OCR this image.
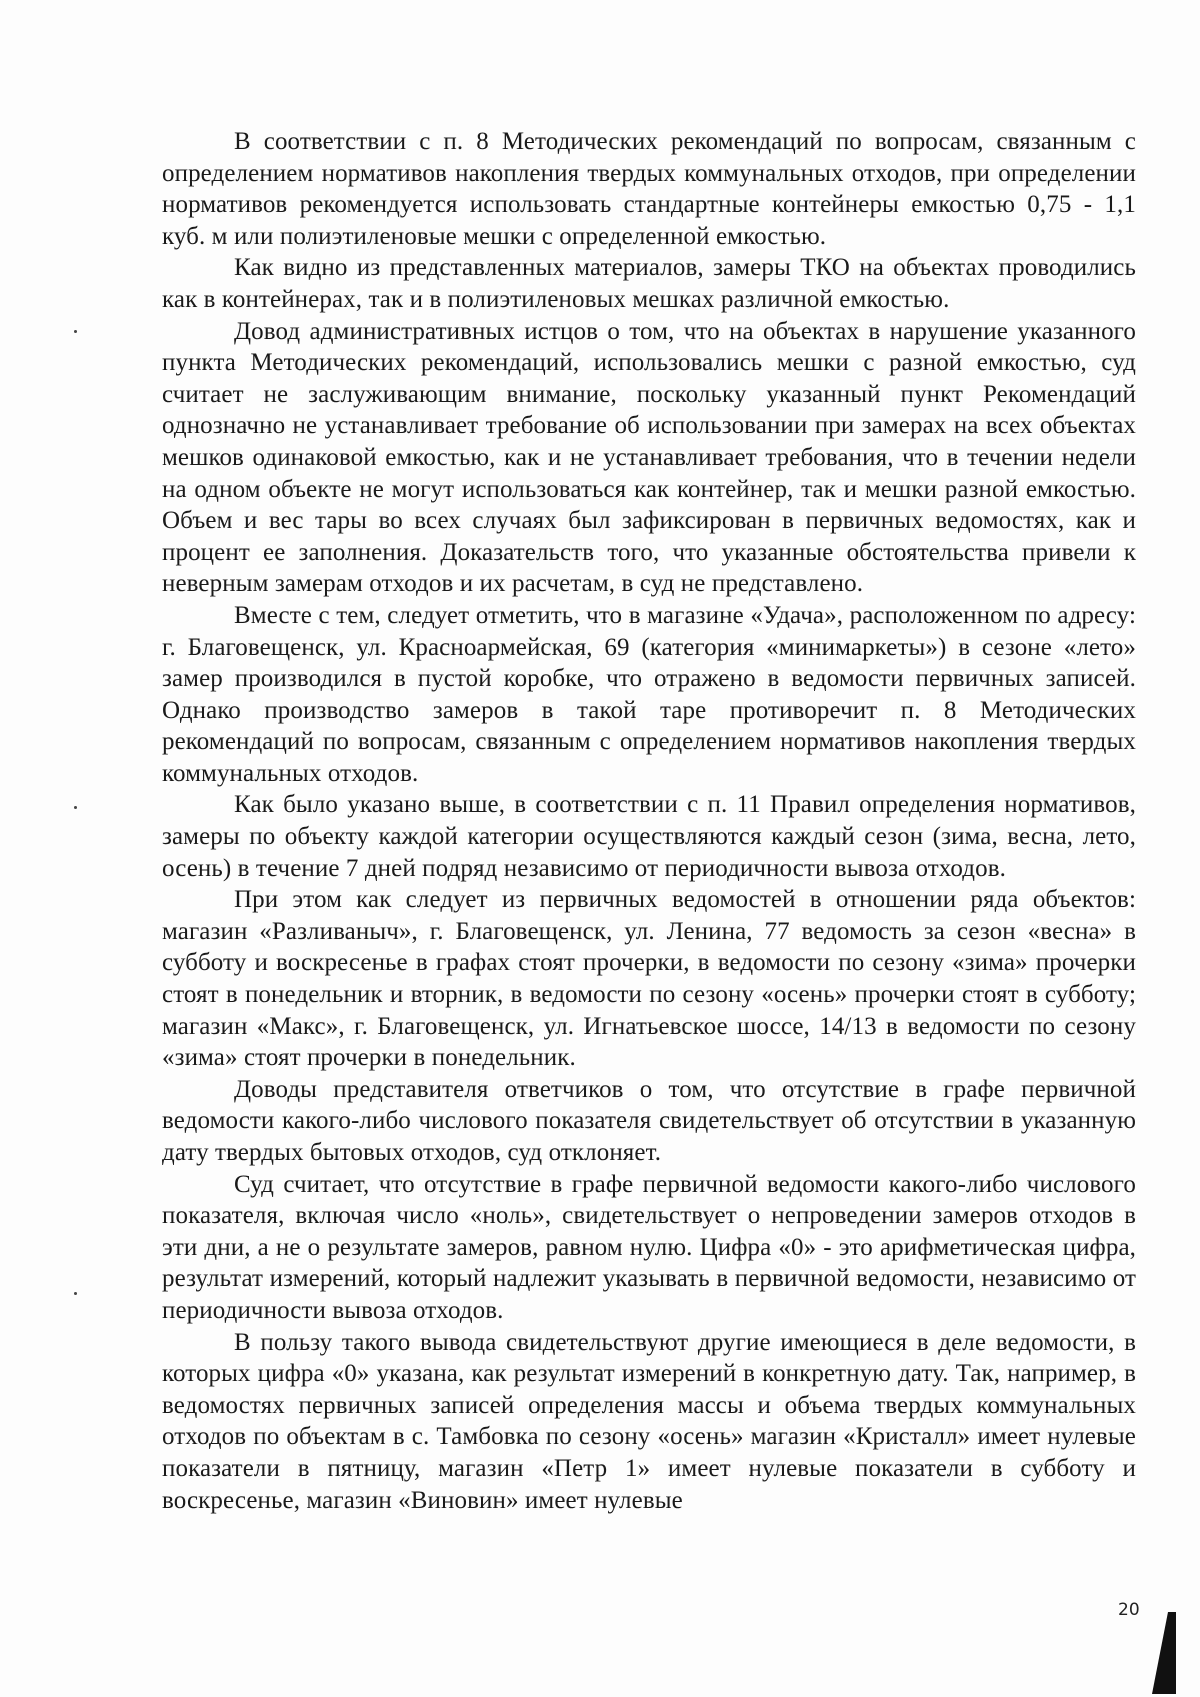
В соответствии с п. 8 Методических рекомендаций по вопросам, связанным с определением нормативов накопления твердых коммунальных отходов, при определении нормативов рекомендуется использовать стандартные контейнеры емкостью 0,75 - 1,1 куб. м или полиэтиленовые мешки с определенной емкостью.

Как видно из представленных материалов, замеры ТКО на объектах проводились как в контейнерах, так и в полиэтиленовых мешках различной емкостью.

Довод административных истцов о том, что на объектах в нарушение указанного пункта Методических рекомендаций, использовались мешки с разной емкостью, суд считает не заслуживающим внимание, поскольку указанный пункт Рекомендаций однозначно не устанавливает требование об использовании при замерах на всех объектах мешков одинаковой емкостью, как и не устанавливает требования, что в течении недели на одном объекте не могут использоваться как контейнер, так и мешки разной емкостью. Объем и вес тары во всех случаях был зафиксирован в первичных ведомостях, как и процент ее заполнения. Доказательств того, что указанные обстоятельства привели к неверным замерам отходов и их расчетам, в суд не представлено.

Вместе с тем, следует отметить, что в магазине «Удача», расположенном по адресу: г. Благовещенск, ул. Красноармейская, 69 (категория «минимаркеты») в сезоне «лето» замер производился в пустой коробке, что отражено в ведомости первичных записей. Однако производство замеров в такой таре противоречит п. 8 Методических рекомендаций по вопросам, связанным с определением нормативов накопления твердых коммунальных отходов.

Как было указано выше, в соответствии с п. 11 Правил определения нормативов, замеры по объекту каждой категории осуществляются каждый сезон (зима, весна, лето, осень) в течение 7 дней подряд независимо от периодичности вывоза отходов.

При этом как следует из первичных ведомостей в отношении ряда объектов: магазин «Разливаныч», г. Благовещенск, ул. Ленина, 77 ведомость за сезон «весна» в субботу и воскресенье в графах стоят прочерки, в ведомости по сезону «зима» прочерки стоят в понедельник и вторник, в ведомости по сезону «осень» прочерки стоят в субботу; магазин «Макс», г. Благовещенск, ул. Игнатьевское шоссе, 14/13 в ведомости по сезону «зима» стоят прочерки в понедельник.

Доводы представителя ответчиков о том, что отсутствие в графе первичной ведомости какого-либо числового показателя свидетельствует об отсутствии в указанную дату твердых бытовых отходов, суд отклоняет.

Суд считает, что отсутствие в графе первичной ведомости какого-либо числового показателя, включая число «ноль», свидетельствует о непроведении замеров отходов в эти дни, а не о результате замеров, равном нулю. Цифра «0» - это арифметическая цифра, результат измерений, который надлежит указывать в первичной ведомости, независимо от периодичности вывоза отходов.

В пользу такого вывода свидетельствуют другие имеющиеся в деле ведомости, в которых цифра «0» указана, как результат измерений в конкретную дату. Так, например, в ведомостях первичных записей определения массы и объема твердых коммунальных отходов по объектам в с. Тамбовка по сезону «осень» магазин «Кристалл» имеет нулевые показатели в пятницу, магазин «Петр 1» имеет нулевые показатели в субботу и воскресенье, магазин «Виновин» имеет нулевые

20
